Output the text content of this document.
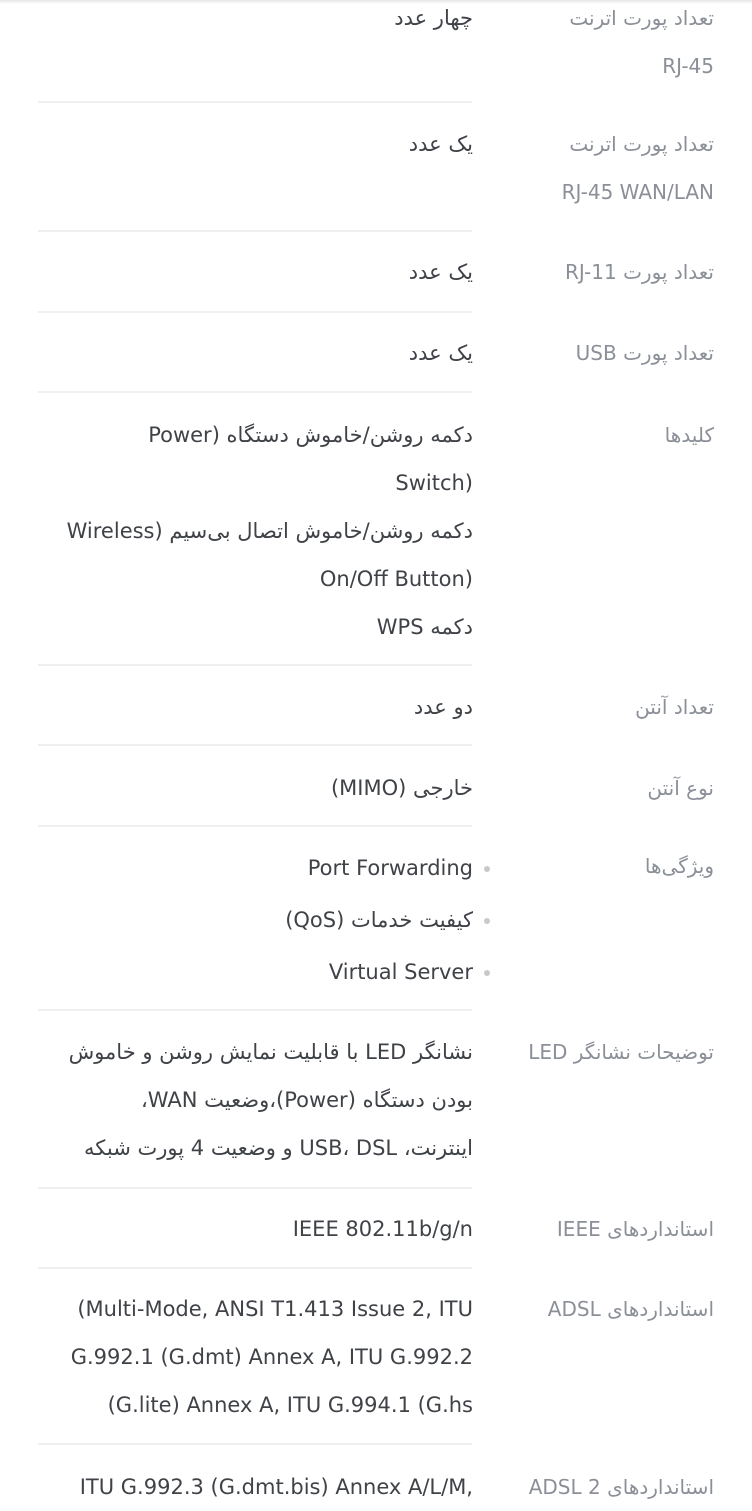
تعداد پورت اترنت
RJ-45
چهار عدد
تعداد پورت اترنت
RJ-45 WAN/LAN
یک عدد
تعداد پورت RJ-11
یک عدد
تعداد پورت USB
یک عدد
کلیدها
دکمه روشن/خاموش دستگاه (Power
Switch)
دکمه روشن/خاموش اتصال بی‌سیم (Wireless
On/Off Button)
دکمه WPS
تعداد آنتن
دو عدد
نوع آنتن
خارجی (MIMO)
ویژگی‌ها
Port Forwarding
کیفیت خدمات (QoS)
Virtual Server
توضیحات نشانگر LED
نشانگر LED با قابلیت نمایش روشن و خاموش
بودن دستگاه (Power)،وضعیت WAN،
اینترنت، USB، DSL و وضعیت 4 پورت شبکه
استانداردهای IEEE
IEEE 802.11b/g/n
استانداردهای ADSL
(Multi-Mode, ANSI T1.413 Issue 2, ITU
G.992.1 (G.dmt) Annex A, ITU G.992.2
(G.lite) Annex A, ITU G.994.1 (G.hs
استانداردهای ADSL 2
ITU G.992.3 (G.dmt.bis) Annex A/L/M,
